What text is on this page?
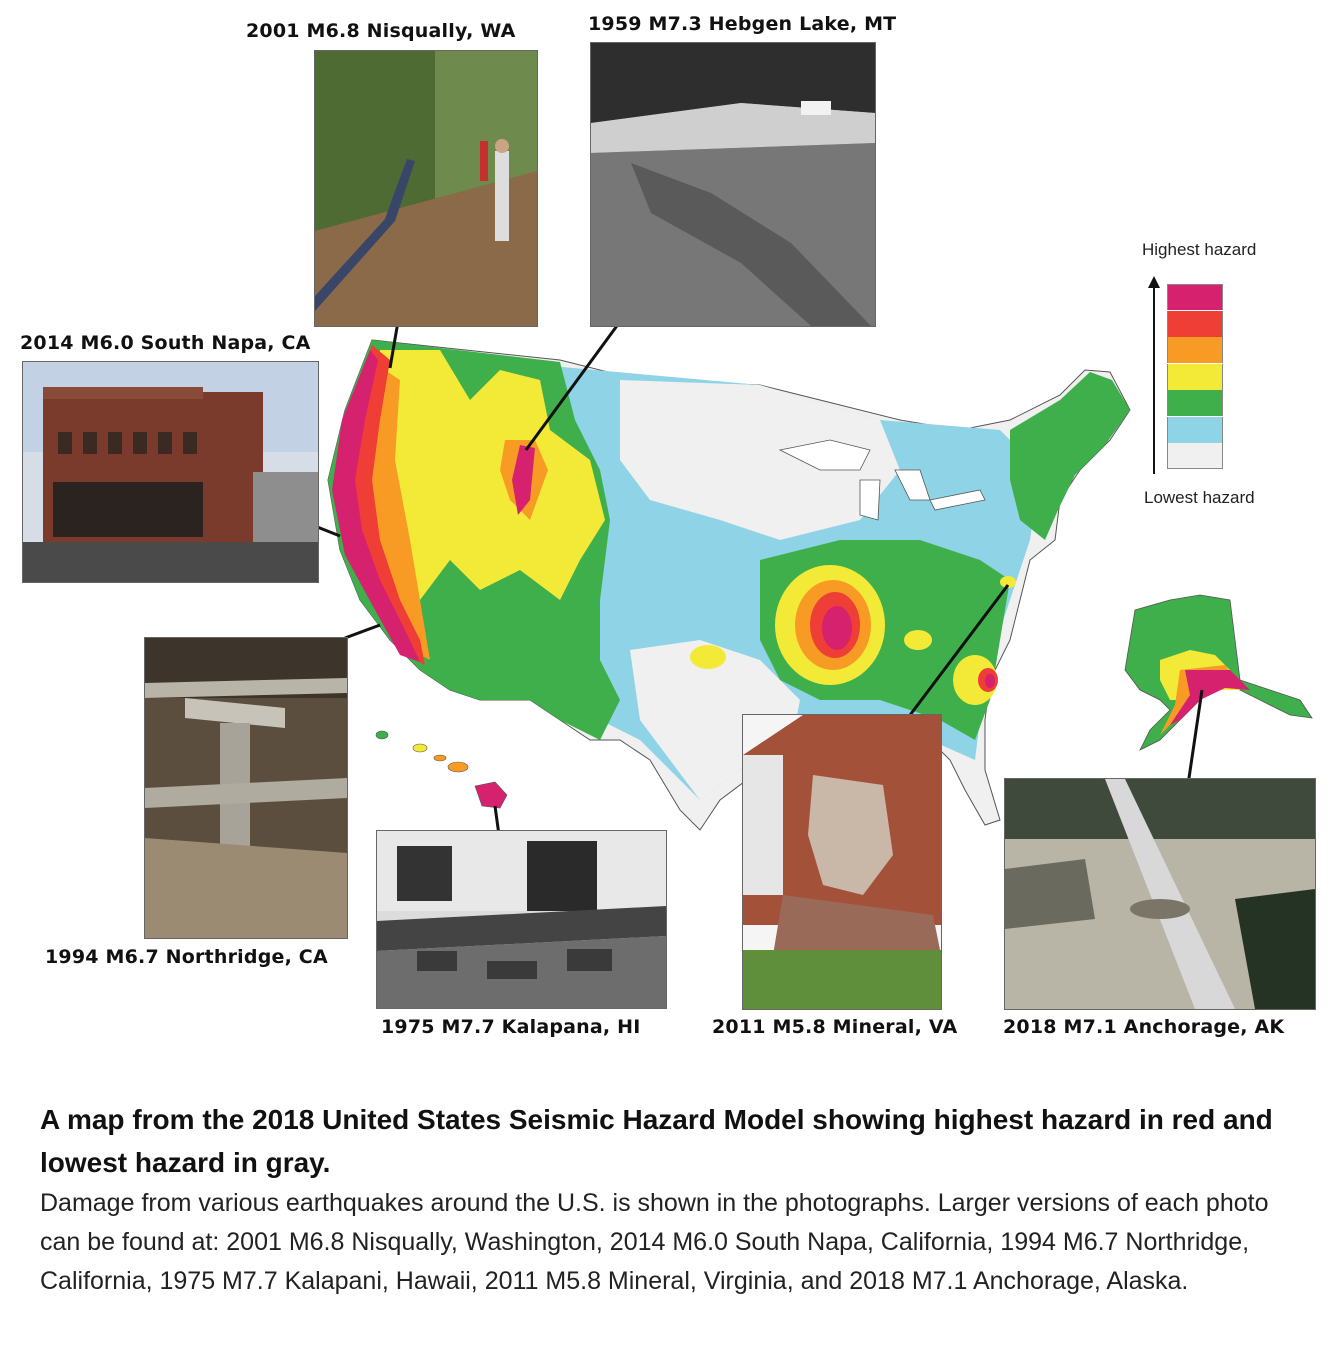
2001 M6.8 Nisqually, WA	1959 M7.3 Hebgen Lake, MT
2014 M6.0 South Napa, CA
1994 M6.7 Northridge, CA
1975 M7.7 Kalapana, HI	2011 M5.8 Mineral, VA 2018 M7.1 Anchorage, AK
Highest hazard
Lowest hazard
A map from the 2018 United States Seismic Hazard Model showing highest hazard in red and lowest hazard in gray.
Damage from various earthquakes around the U.S. is shown in the photographs. Larger versions of each photo can be found at: 2001 M6.8 Nisqually, Washington, 2014 M6.0 South Napa, California, 1994 M6.7 Northridge, California, 1975 M7.7 Kalapani, Hawaii, 2011 M5.8 Mineral, Virginia, and 2018 M7.1 Anchorage, Alaska.
